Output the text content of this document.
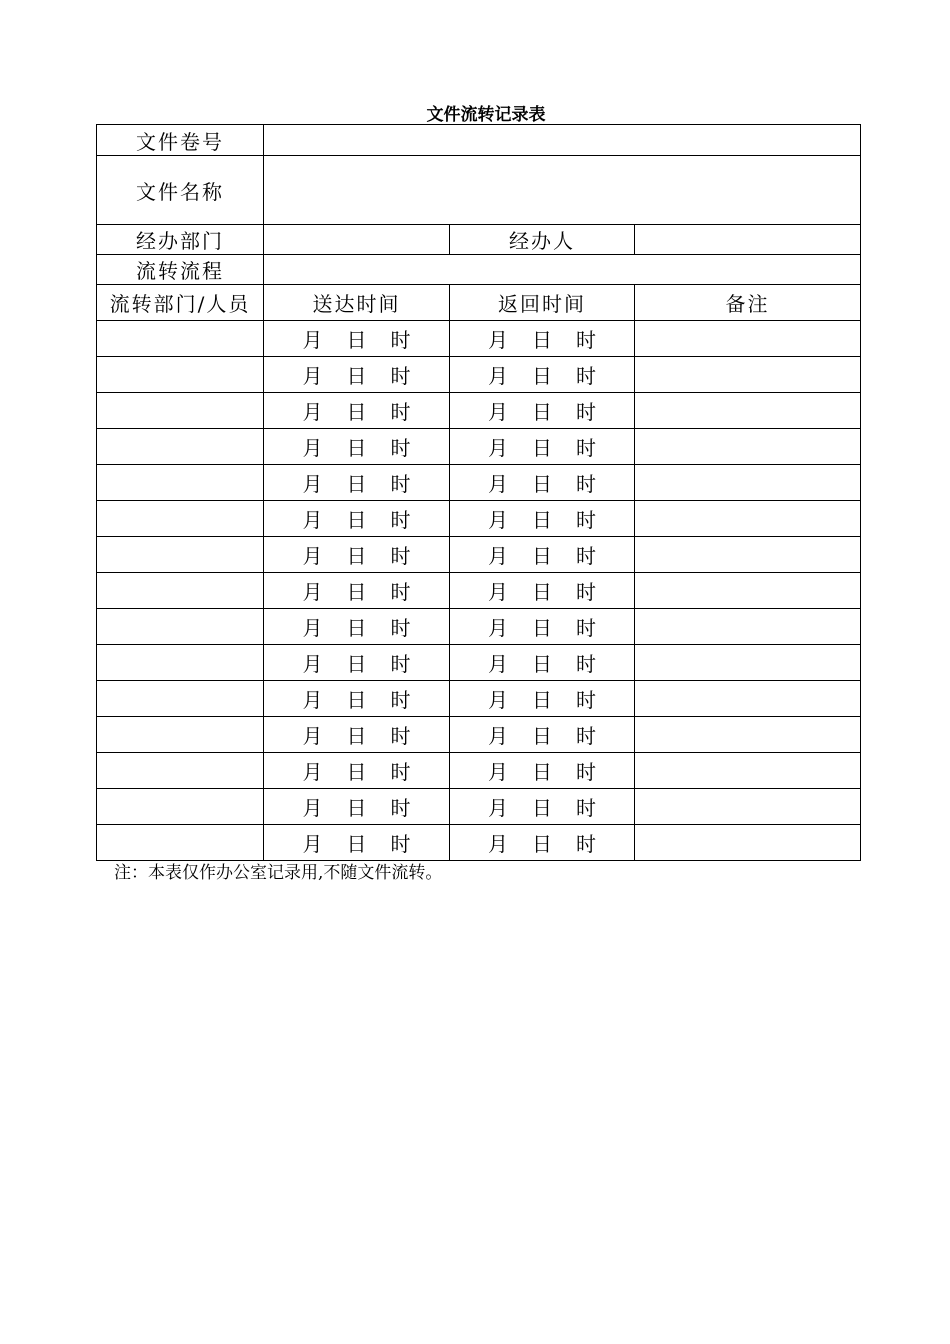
文件流转记录表
文件卷号			
文件名称			
经办部门		经办人	
流转流程			
流转部门/人员	送达时间	返回时间	备注
	月 日 时	月 日 时	
	月 日 时	月 日 时	
	月 日 时	月 日 时	
	月 日 时	月 日 时	
	月 日 时	月 日 时	
	月 日 时	月 日 时	
	月 日 时	月 日 时	
	月 日 时	月 日 时	
	月 日 时	月 日 时	
	月 日 时	月 日 时	
	月 日 时	月 日 时	
	月 日 时	月 日 时	
	月 日 时	月 日 时	
	月 日 时	月 日 时	
	月 日 时	月 日 时	
注：本表仅作办公室记录用,不随文件流转。
